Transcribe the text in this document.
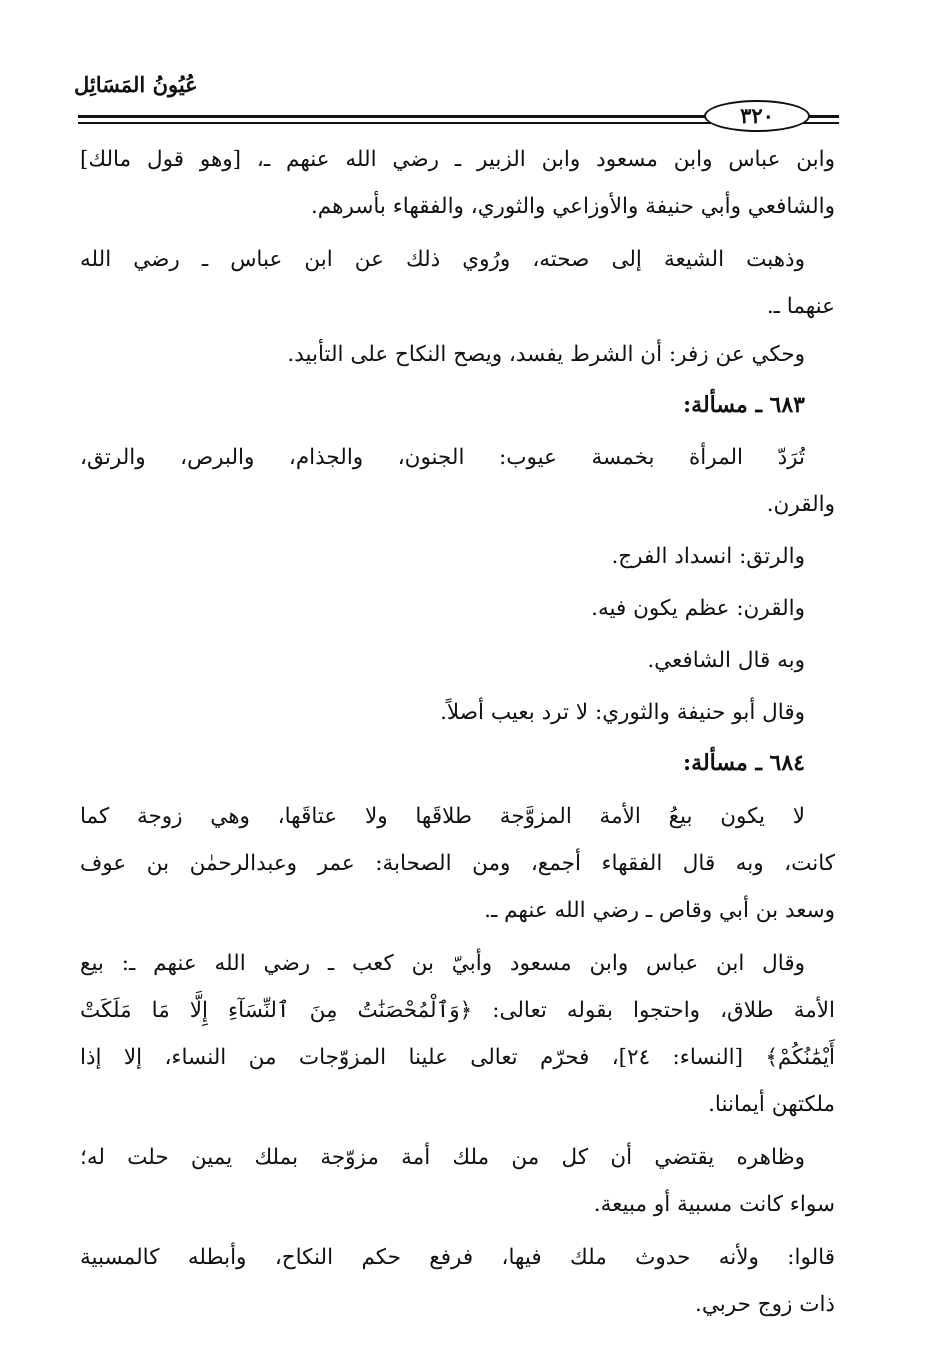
عُيُونُ المَسَائِل
٣٢٠
وابن عباس وابن مسعود وابن الزبير ـ رضي الله عنهم ـ، [وهو قول مالك]
والشافعي وأبي حنيفة والأوزاعي والثوري، والفقهاء بأسرهم.
وذهبت الشيعة إلى صحته، ورُوي ذلك عن ابن عباس ـ رضي الله
عنهما ـ.
وحكي عن زفر: أن الشرط يفسد، ويصح النكاح على التأبيد.
٦٨٣ ـ مسألة:
تُرَدّ المرأة بخمسة عيوب: الجنون، والجذام، والبرص، والرتق،
والقرن.
والرتق: انسداد الفرج.
والقرن: عظم يكون فيه.
وبه قال الشافعي.
وقال أبو حنيفة والثوري: لا ترد بعيب أصلاً.
٦٨٤ ـ مسألة:
لا يكون بيعُ الأمة المزوَّجة طلاقَها ولا عتاقَها، وهي زوجة كما
كانت، وبه قال الفقهاء أجمع، ومن الصحابة: عمر وعبدالرحمٰن بن عوف
وسعد بن أبي وقاص ـ رضي الله عنهم ـ.
وقال ابن عباس وابن مسعود وأبيّ بن كعب ـ رضي الله عنهم ـ: بيع
الأمة طلاق، واحتجوا بقوله تعالى: ﴿وَٱلْمُحْصَنَٰتُ مِنَ ٱلنِّسَآءِ إِلَّا مَا مَلَكَتْ
أَيْمَٰنُكُمْ﴾ [النساء: ٢٤]، فحرّم تعالى علينا المزوّجات من النساء، إلا إذا
ملكتهن أيماننا.
وظاهره يقتضي أن كل من ملك أمة مزوّجة بملك يمين حلت له؛
سواء كانت مسبية أو مبيعة.
قالوا: ولأنه حدوث ملك فيها، فرفع حكم النكاح، وأبطله كالمسبية
ذات زوج حربي.
